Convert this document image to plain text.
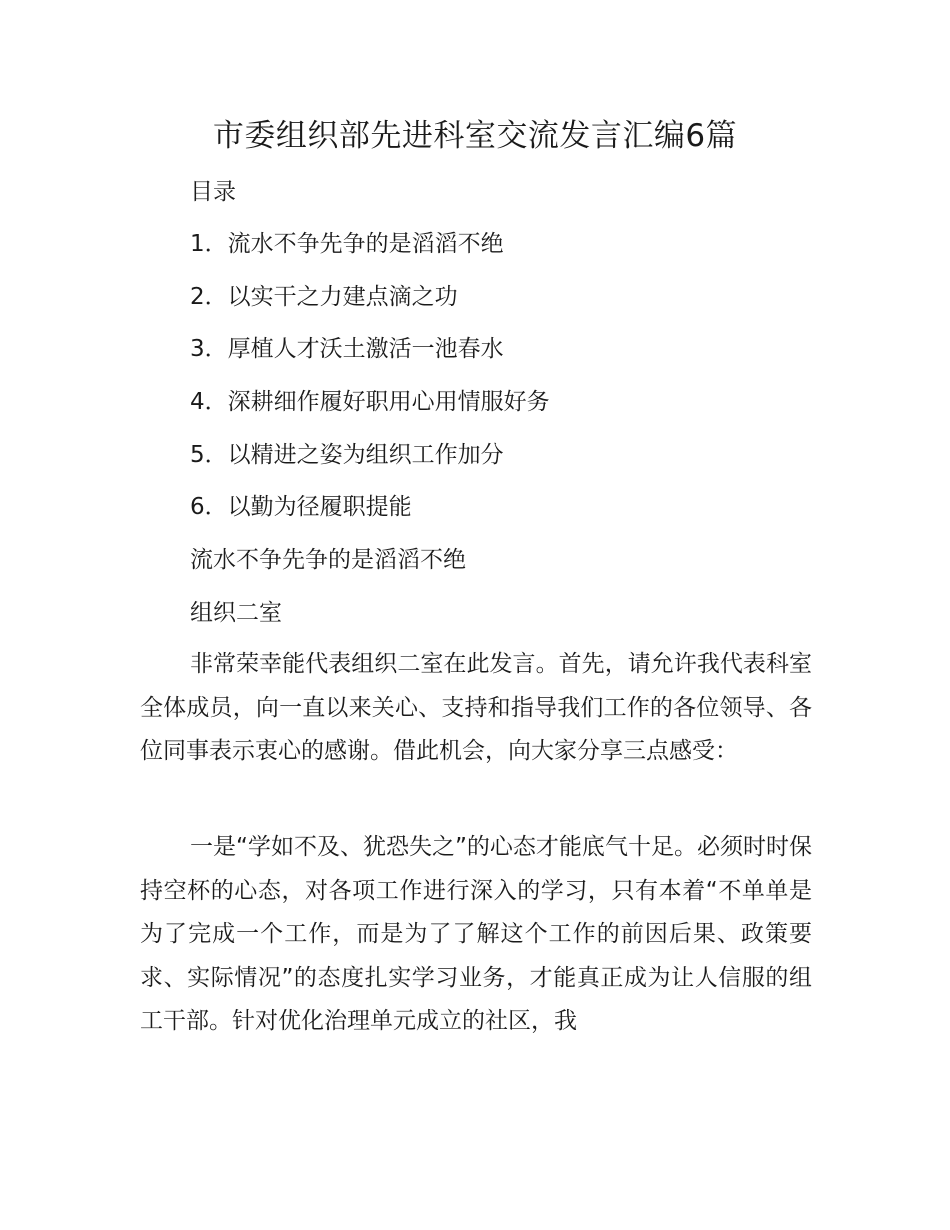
市委组织部先进科室交流发言汇编6篇
目录
1．流水不争先争的是滔滔不绝
2．以实干之力建点滴之功
3．厚植人才沃土激活一池春水
4．深耕细作履好职用心用情服好务
5．以精进之姿为组织工作加分
6．以勤为径履职提能
流水不争先争的是滔滔不绝
组织二室
非常荣幸能代表组织二室在此发言。首先，请允许我代表科室全体成员，向一直以来关心、支持和指导我们工作的各位领导、各位同事表示衷心的感谢。借此机会，向大家分享三点感受：
一是“学如不及、犹恐失之”的心态才能底气十足。必须时时保持空杯的心态，对各项工作进行深入的学习，只有本着“不单单是为了完成一个工作，而是为了了解这个工作的前因后果、政策要求、实际情况”的态度扎实学习业务，才能真正成为让人信服的组工干部。针对优化治理单元成立的社区，我
